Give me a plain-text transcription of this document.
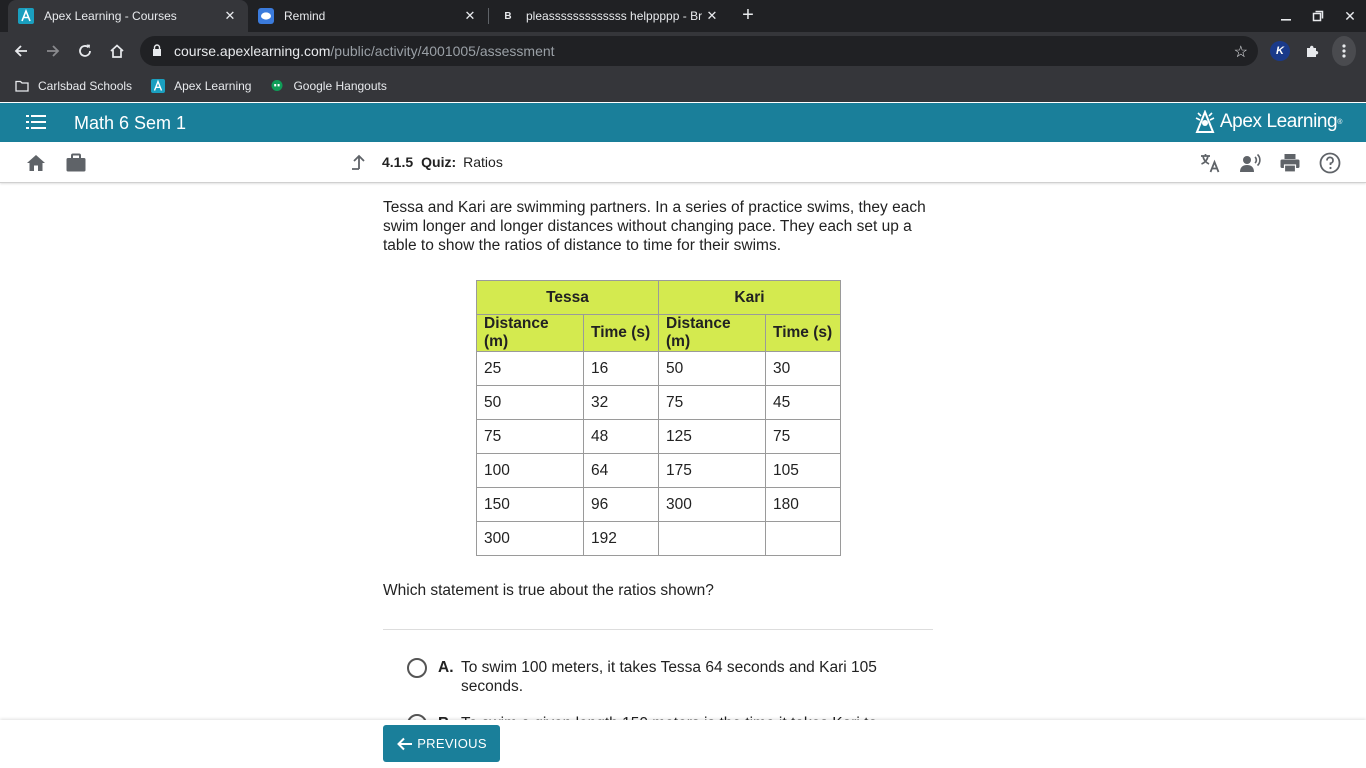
Apex Learning - Courses	✕	Remind	✕	B	pleasssssssssssss helppppp - Br ✕ +	✕
course.apexlearning.com /public/activity/4001005/assessment	☆	K
Carlsbad Schools	Apex Learning	Google Hangouts
Math 6 Sem 1	Apex Learning ®
4.1.5 Quiz: Ratios

Tessa and Kari are swimming partners. In a series of practice swims, they each swim longer and longer distances without changing pace. They each set up a table to show the ratios of distance to time for their swims.

Tessa		Kari	
Distance (m)	Time (s)	Distance (m)	Time (s)
25	16	50	30
50	32	75	45
75	48	125	75
100	64	175	105
150	96	300	180
300	192		

Which statement is true about the ratios shown?

A. To swim 100 meters, it takes Tessa 64 seconds and Kari 105 seconds.
PREVIOUS
